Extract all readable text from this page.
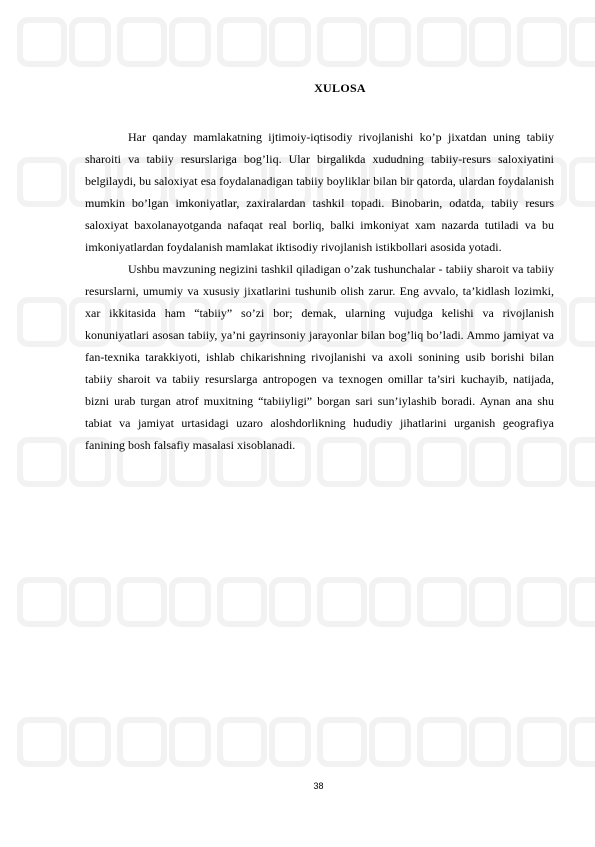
XULOSA

Har qanday mamlakatning ijtimoiy-iqtisodiy rivojlanishi ko’p jixatdan uning tabiiy sharoiti va tabiiy resurslariga bog’liq. Ular birgalikda xududning tabiiy-resurs saloxiyatini belgilaydi, bu saloxiyat esa foydalanadigan tabiiy boyliklar bilan bir qatorda, ulardan foydalanish mumkin bo’lgan imkoniyatlar, zaxiralardan tashkil topadi. Binobarin, odatda, tabiiy resurs saloxiyat baxolanayotganda nafaqat real borliq, balki imkoniyat xam nazarda tutiladi va bu imkoniyatlardan foydalanish mamlakat iktisodiy rivojlanish istikbollari asosida yotadi.

Ushbu mavzuning negizini tashkil qiladigan o’zak tushunchalar - tabiiy sharoit va tabiiy resurslarni, umumiy va xususiy jixatlarini tushunib olish zarur. Eng avvalo, ta’kidlash lozimki, xar ikkitasida ham “tabiiy” so’zi bor; demak, ularning vujudga kelishi va rivojlanish konuniyatlari asosan tabiiy, ya’ni gayrinsoniy jarayonlar bilan bog’liq bo’ladi. Ammo jamiyat va fan-texnika tarakkiyoti, ishlab chikarishning rivojlanishi va axoli sonining usib borishi bilan tabiiy sharoit va tabiiy resurslarga antropogen va texnogen omillar ta’siri kuchayib, natijada, bizni urab turgan atrof muxitning “tabiiyligi” borgan sari sun’iylashib boradi. Aynan ana shu tabiat va jamiyat urtasidagi uzaro aloshdorlikning hududiy jihatlarini urganish geografiya fanining bosh falsafiy masalasi xisoblanadi.

38
